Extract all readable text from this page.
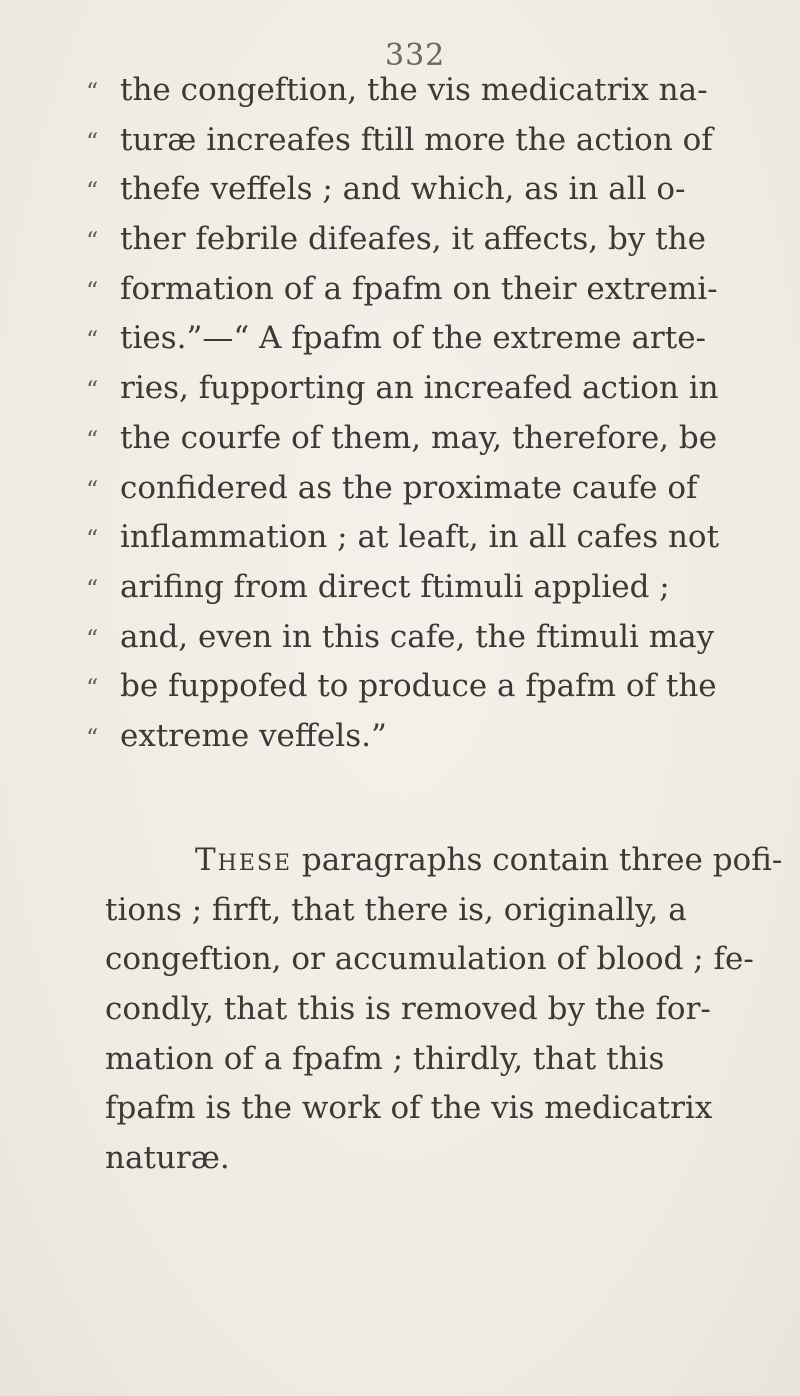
332
“ the congeftion, the vis medicatrix na-
“ turæ increafes ftill more the action of
“ thefe veffels ; and which, as in all o-
“ ther febrile difeafes, it affects, by the
“ formation of a fpafm on their extremi-
“ ties.”—“ A fpafm of the extreme arte-
“ ries, fupporting an increafed action in
“ the courfe of them, may, therefore, be
“ confidered as the proximate caufe of
“ inflammation ; at leaft, in all cafes not
“ arifing from direct ftimuli applied ;
“ and, even in this cafe, the ftimuli may
“ be fuppofed to produce a fpafm of the
“ extreme veffels.”
These paragraphs contain three pofi-
tions ; firft, that there is, originally, a
congeftion, or accumulation of blood ; fe-
condly, that this is removed by the for-
mation of a fpafm ; thirdly, that this
fpafm is the work of the vis medicatrix
naturæ.
